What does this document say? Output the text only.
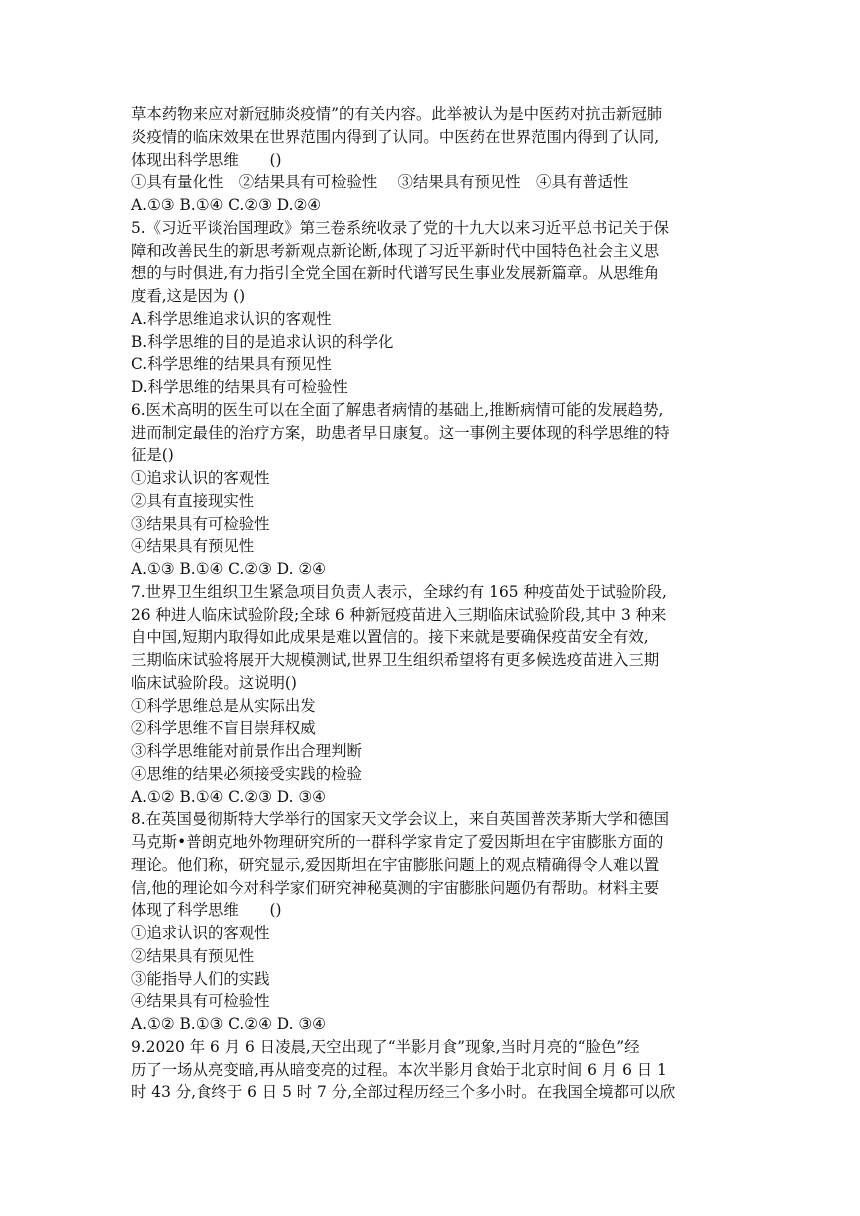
草本药物来应对新冠肺炎疫情”的有关内容。此举被认为是中医药对抗击新冠肺
炎疫情的临床效果在世界范围内得到了认同。中医药在世界范围内得到了认同,
体现出科学思维　　()
①具有量化性　②结果具有可检验性　 ③结果具有预见性　④具有普适性
A.①③ B.①④ C.②③ D.②④
5.《习近平谈治国理政》第三卷系统收录了党的十九大以来习近平总书记关于保
障和改善民生的新思考新观点新论断,体现了习近平新时代中国特色社会主义思
想的与时俱进,有力指引全党全国在新时代谱写民生事业发展新篇章。从思维角
度看,这是因为 ()
A.科学思维追求认识的客观性
B.科学思维的目的是追求认识的科学化
C.科学思维的结果具有预见性
D.科学思维的结果具有可检验性
6.医术高明的医生可以在全面了解患者病情的基础上,推断病情可能的发展趋势,
进而制定最佳的治疗方案，助患者早日康复。这一事例主要体现的科学思维的特
征是()
①追求认识的客观性
②具有直接现实性
③结果具有可检验性
④结果具有预见性
A.①③ B.①④ C.②③ D. ②④
7.世界卫生组织卫生紧急项目负责人表示，全球约有 165 种疫苗处于试验阶段,
26 种进人临床试验阶段;全球 6 种新冠疫苗进入三期临床试验阶段,其中 3 种来
自中国,短期内取得如此成果是难以置信的。接下来就是要确保疫苗安全有效,
三期临床试验将展开大规模测试,世界卫生组织希望将有更多候选疫苗进入三期
临床试验阶段。这说明()
①科学思维总是从实际出发
②科学思维不盲目崇拜权威
③科学思维能对前景作出合理判断
④思维的结果必须接受实践的检验
A.①② B.①④ C.②③ D. ③④
8.在英国曼彻斯特大学举行的国家天文学会议上，来自英国普茨茅斯大学和德国
马克斯•普朗克地外物理研究所的一群科学家肯定了爱因斯坦在宇宙膨胀方面的
理论。他们称，研究显示,爱因斯坦在宇宙膨胀问题上的观点精确得令人难以置
信,他的理论如今对科学家们研究神秘莫测的宇宙膨胀问题仍有帮助。材料主要
体现了科学思维　　()
①追求认识的客观性
②结果具有预见性
③能指导人们的实践
④结果具有可检验性
A.①② B.①③ C.②④ D. ③④
9.2020 年 6 月 6 日凌晨,天空出现了“半影月食”现象,当时月亮的“脸色”经
历了一场从亮变暗,再从暗变亮的过程。本次半影月食始于北京时间 6 月 6 日 1
时 43 分,食终于 6 日 5 时 7 分,全部过程历经三个多小时。在我国全境都可以欣
